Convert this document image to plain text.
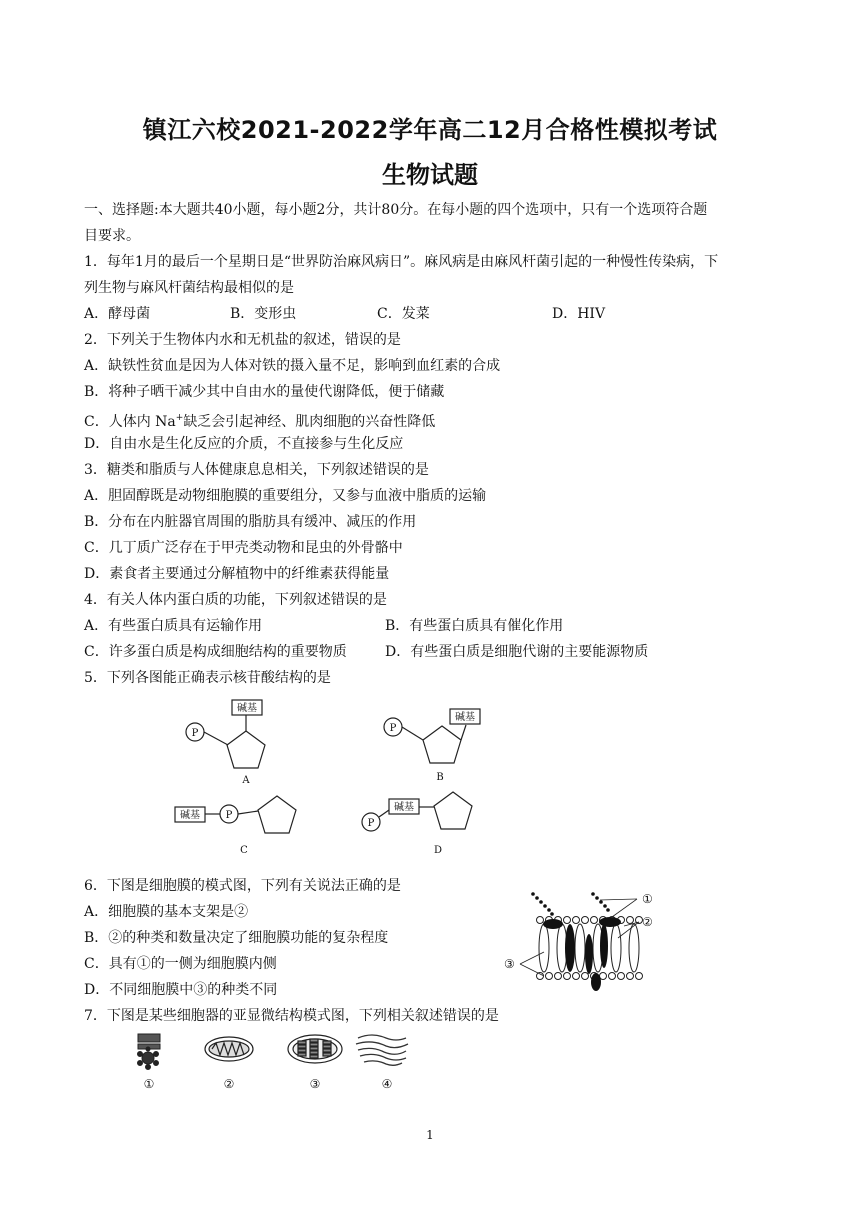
镇江六校2021-2022学年高二12月合格性模拟考试
生物试题
一、选择题:本大题共40小题，每小题2分，共计80分。在每小题的四个选项中，只有一个选项符合题
目要求。
1．每年1月的最后一个星期日是“世界防治麻风病日”。麻风病是由麻风杆菌引起的一种慢性传染病，下
列生物与麻风杆菌结构最相似的是
A．酵母菌	B．变形虫	C．发菜	D．HIV
2．下列关于生物体内水和无机盐的叙述，错误的是
A．缺铁性贫血是因为人体对铁的摄入量不足，影响到血红素的合成
B．将种子晒干减少其中自由水的量使代谢降低，便于储藏
C．人体内 Na+缺乏会引起神经、肌肉细胞的兴奋性降低
D．自由水是生化反应的介质，不直接参与生化反应
3．糖类和脂质与人体健康息息相关，下列叙述错误的是
A．胆固醇既是动物细胞膜的重要组分，又参与血液中脂质的运输
B．分布在内脏器官周围的脂肪具有缓冲、减压的作用
C．几丁质广泛存在于甲壳类动物和昆虫的外骨骼中
D．素食者主要通过分解植物中的纤维素获得能量
4．有关人体内蛋白质的功能，下列叙述错误的是
A．有些蛋白质具有运输作用	B．有些蛋白质具有催化作用
C．许多蛋白质是构成细胞结构的重要物质	D．有些蛋白质是细胞代谢的主要能源物质
5．下列各图能正确表示核苷酸结构的是
P
碱基
A
P
碱基
B
碱基	P
C
P
碱基
D
6．下图是细胞膜的模式图，下列有关说法正确的是
A．细胞膜的基本支架是②
B．②的种类和数量决定了细胞膜功能的复杂程度
C．具有①的一侧为细胞膜内侧
D．不同细胞膜中③的种类不同
①
②
③
7．下图是某些细胞器的亚显微结构模式图，下列相关叙述错误的是
①	②	③	④
1
